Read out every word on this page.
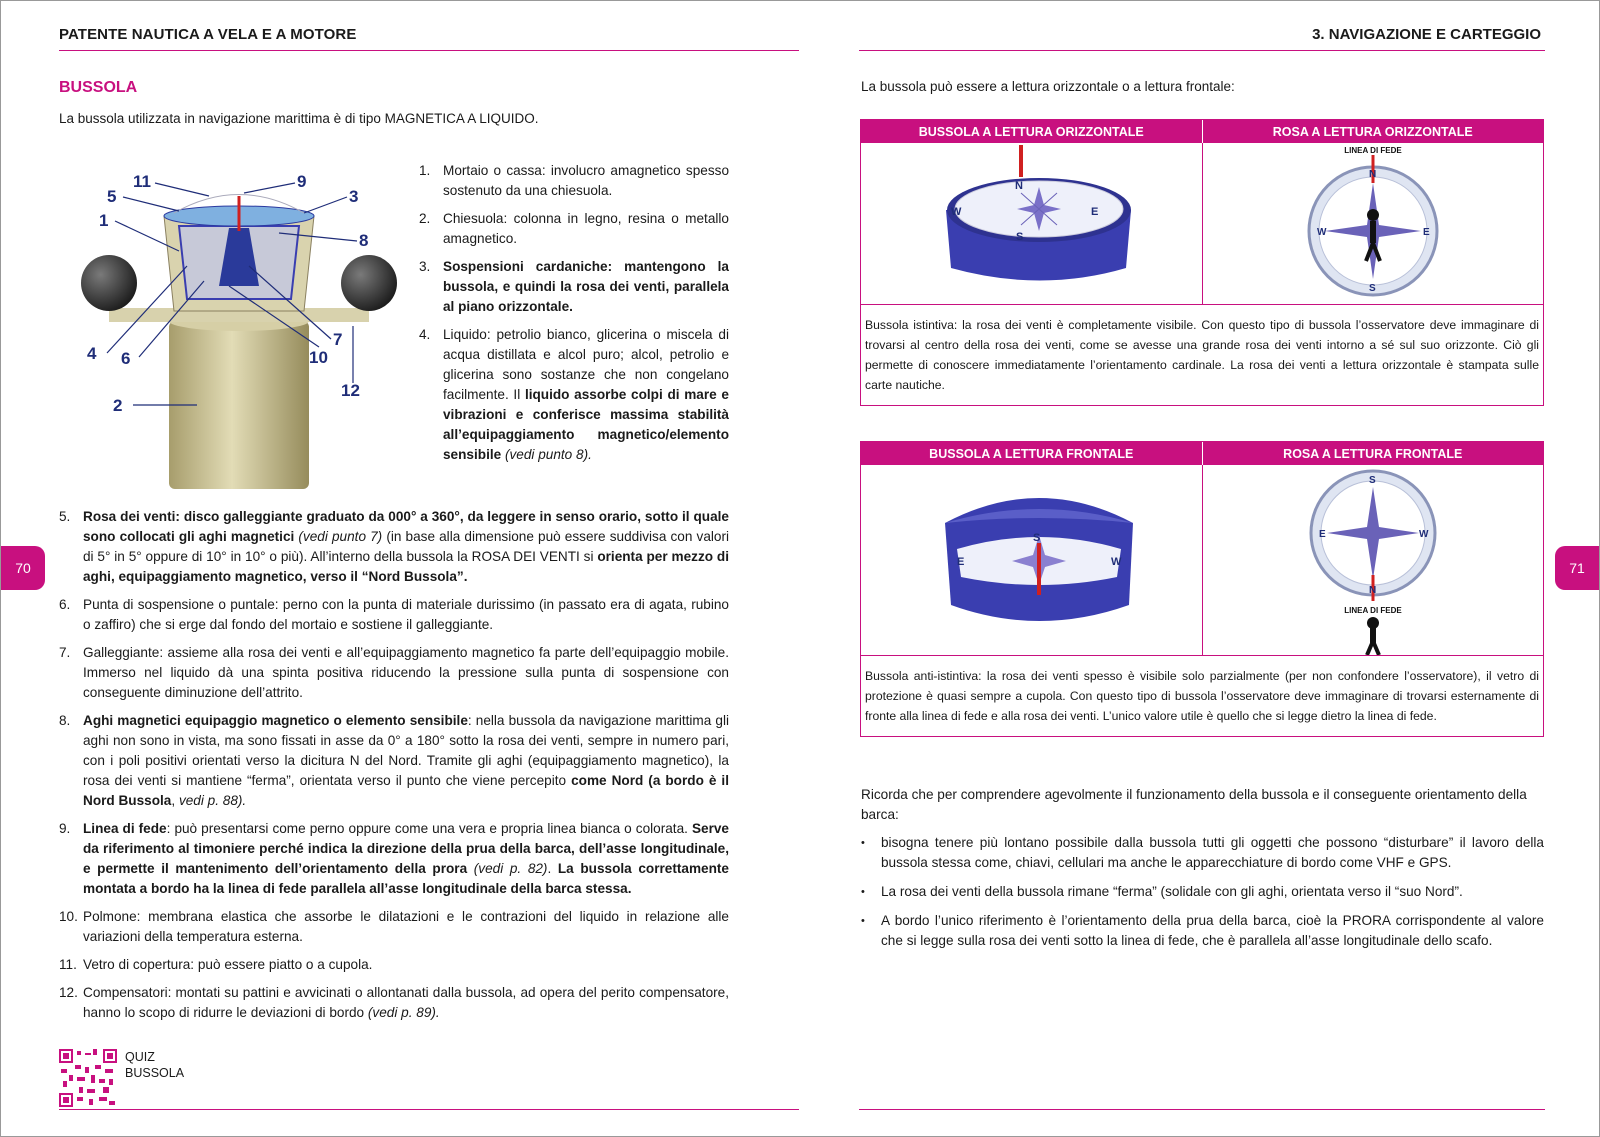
PATENTE NAUTICA A VELA E A MOTORE	3. NAVIGAZIONE E CARTEGGIO
70	71
BUSSOLA
La bussola utilizzata in navigazione marittima è di tipo MAGNETICA A LIQUIDO.
11	9
5	3
1
8
4 6
7
10
12
2
1. Mortaio o cassa: involucro amagnetico spesso sostenuto da una chiesuola.
2. Chiesuola: colonna in legno, resina o metallo amagnetico.
3. Sospensioni cardaniche: mantengono la bussola, e quindi la rosa dei venti, parallela al piano orizzontale.
4. Liquido: petrolio bianco, glicerina o miscela di acqua distillata e alcol puro; alcol, petrolio e glicerina sono sostanze che non congelano facilmente. Il liquido assorbe colpi di mare e vibrazioni e conferisce massima stabilità all’equipaggiamento magnetico/elemento sensibile (vedi punto 8).
5. Rosa dei venti: disco galleggiante graduato da 000° a 360°, da leggere in senso orario, sotto il quale sono collocati gli aghi magnetici (vedi punto 7) (in base alla dimensione può essere suddivisa con valori di 5° in 5° oppure di 10° in 10° o più). All’interno della bussola la ROSA DEI VENTI si orienta per mezzo di aghi, equipaggiamento magnetico, verso il “Nord Bussola”.
6. Punta di sospensione o puntale: perno con la punta di materiale durissimo (in passato era di agata, rubino o zaffiro) che si erge dal fondo del mortaio e sostiene il galleggiante.
7. Galleggiante: assieme alla rosa dei venti e all’equipaggiamento magnetico fa parte dell’equipaggio mobile. Immerso nel liquido dà una spinta positiva riducendo la pressione sulla punta di sospensione con conseguente diminuzione dell’attrito.
8. Aghi magnetici equipaggio magnetico o elemento sensibile: nella bussola da navigazione marittima gli aghi non sono in vista, ma sono fissati in asse da 0° a 180° sotto la rosa dei venti, sempre in numero pari, con i poli positivi orientati verso la dicitura N del Nord. Tramite gli aghi (equipaggiamento magnetico), la rosa dei venti si mantiene “ferma”, orientata verso il punto che viene percepito come Nord (a bordo è il Nord Bussola, vedi p. 88).
9. Linea di fede: può presentarsi come perno oppure come una vera e propria linea bianca o colorata. Serve da riferimento al timoniere perché indica la direzione della prua della barca, dell’asse longitudinale, e permette il mantenimento dell’orientamento della prora (vedi p. 82). La bussola correttamente montata a bordo ha la linea di fede parallela all’asse longitudinale della barca stessa.
10. Polmone: membrana elastica che assorbe le dilatazioni e le contrazioni del liquido in relazione alle variazioni della temperatura esterna.
11. Vetro di copertura: può essere piatto o a cupola.
12. Compensatori: montati su pattini e avvicinati o allontanati dalla bussola, ad opera del perito compensatore, hanno lo scopo di ridurre le deviazioni di bordo (vedi p. 89).
QUIZ
BUSSOLA
La bussola può essere a lettura orizzontale o a lettura frontale:
BUSSOLA A LETTURA ORIZZONTALE	ROSA A LETTURA ORIZZONTALE
N
S
W	E
LINEA DI FEDE
N
S
W	E
Bussola istintiva: la rosa dei venti è completamente visibile. Con questo tipo di bussola l’osservatore deve immaginare di trovarsi al centro della rosa dei venti, come se avesse una grande rosa dei venti intorno a sé sul suo orizzonte. Ciò gli permette di conoscere immediatamente l’orientamento cardinale. La rosa dei venti a lettura orizzontale è stampata sulle carte nautiche.
BUSSOLA A LETTURA FRONTALE	ROSA A LETTURA FRONTALE
S
E	W
LINEA DI FEDE
S
N
E	W
Bussola anti-istintiva: la rosa dei venti spesso è visibile solo parzialmente (per non confondere l’osservatore), il vetro di protezione è quasi sempre a cupola. Con questo tipo di bussola l’osservatore deve immaginare di trovarsi esternamente di fronte alla linea di fede e alla rosa dei venti. L’unico valore utile è quello che si legge dietro la linea di fede.
Ricorda che per comprendere agevolmente il funzionamento della bussola e il conseguente orientamento della barca:
• bisogna tenere più lontano possibile dalla bussola tutti gli oggetti che possono “disturbare” il lavoro della bussola stessa come, chiavi, cellulari ma anche le apparecchiature di bordo come VHF e GPS.
• La rosa dei venti della bussola rimane “ferma” (solidale con gli aghi, orientata verso il “suo Nord”.
• A bordo l’unico riferimento è l’orientamento della prua della barca, cioè la PRORA corrispondente al valore che si legge sulla rosa dei venti sotto la linea di fede, che è parallela all’asse longitudinale dello scafo.
